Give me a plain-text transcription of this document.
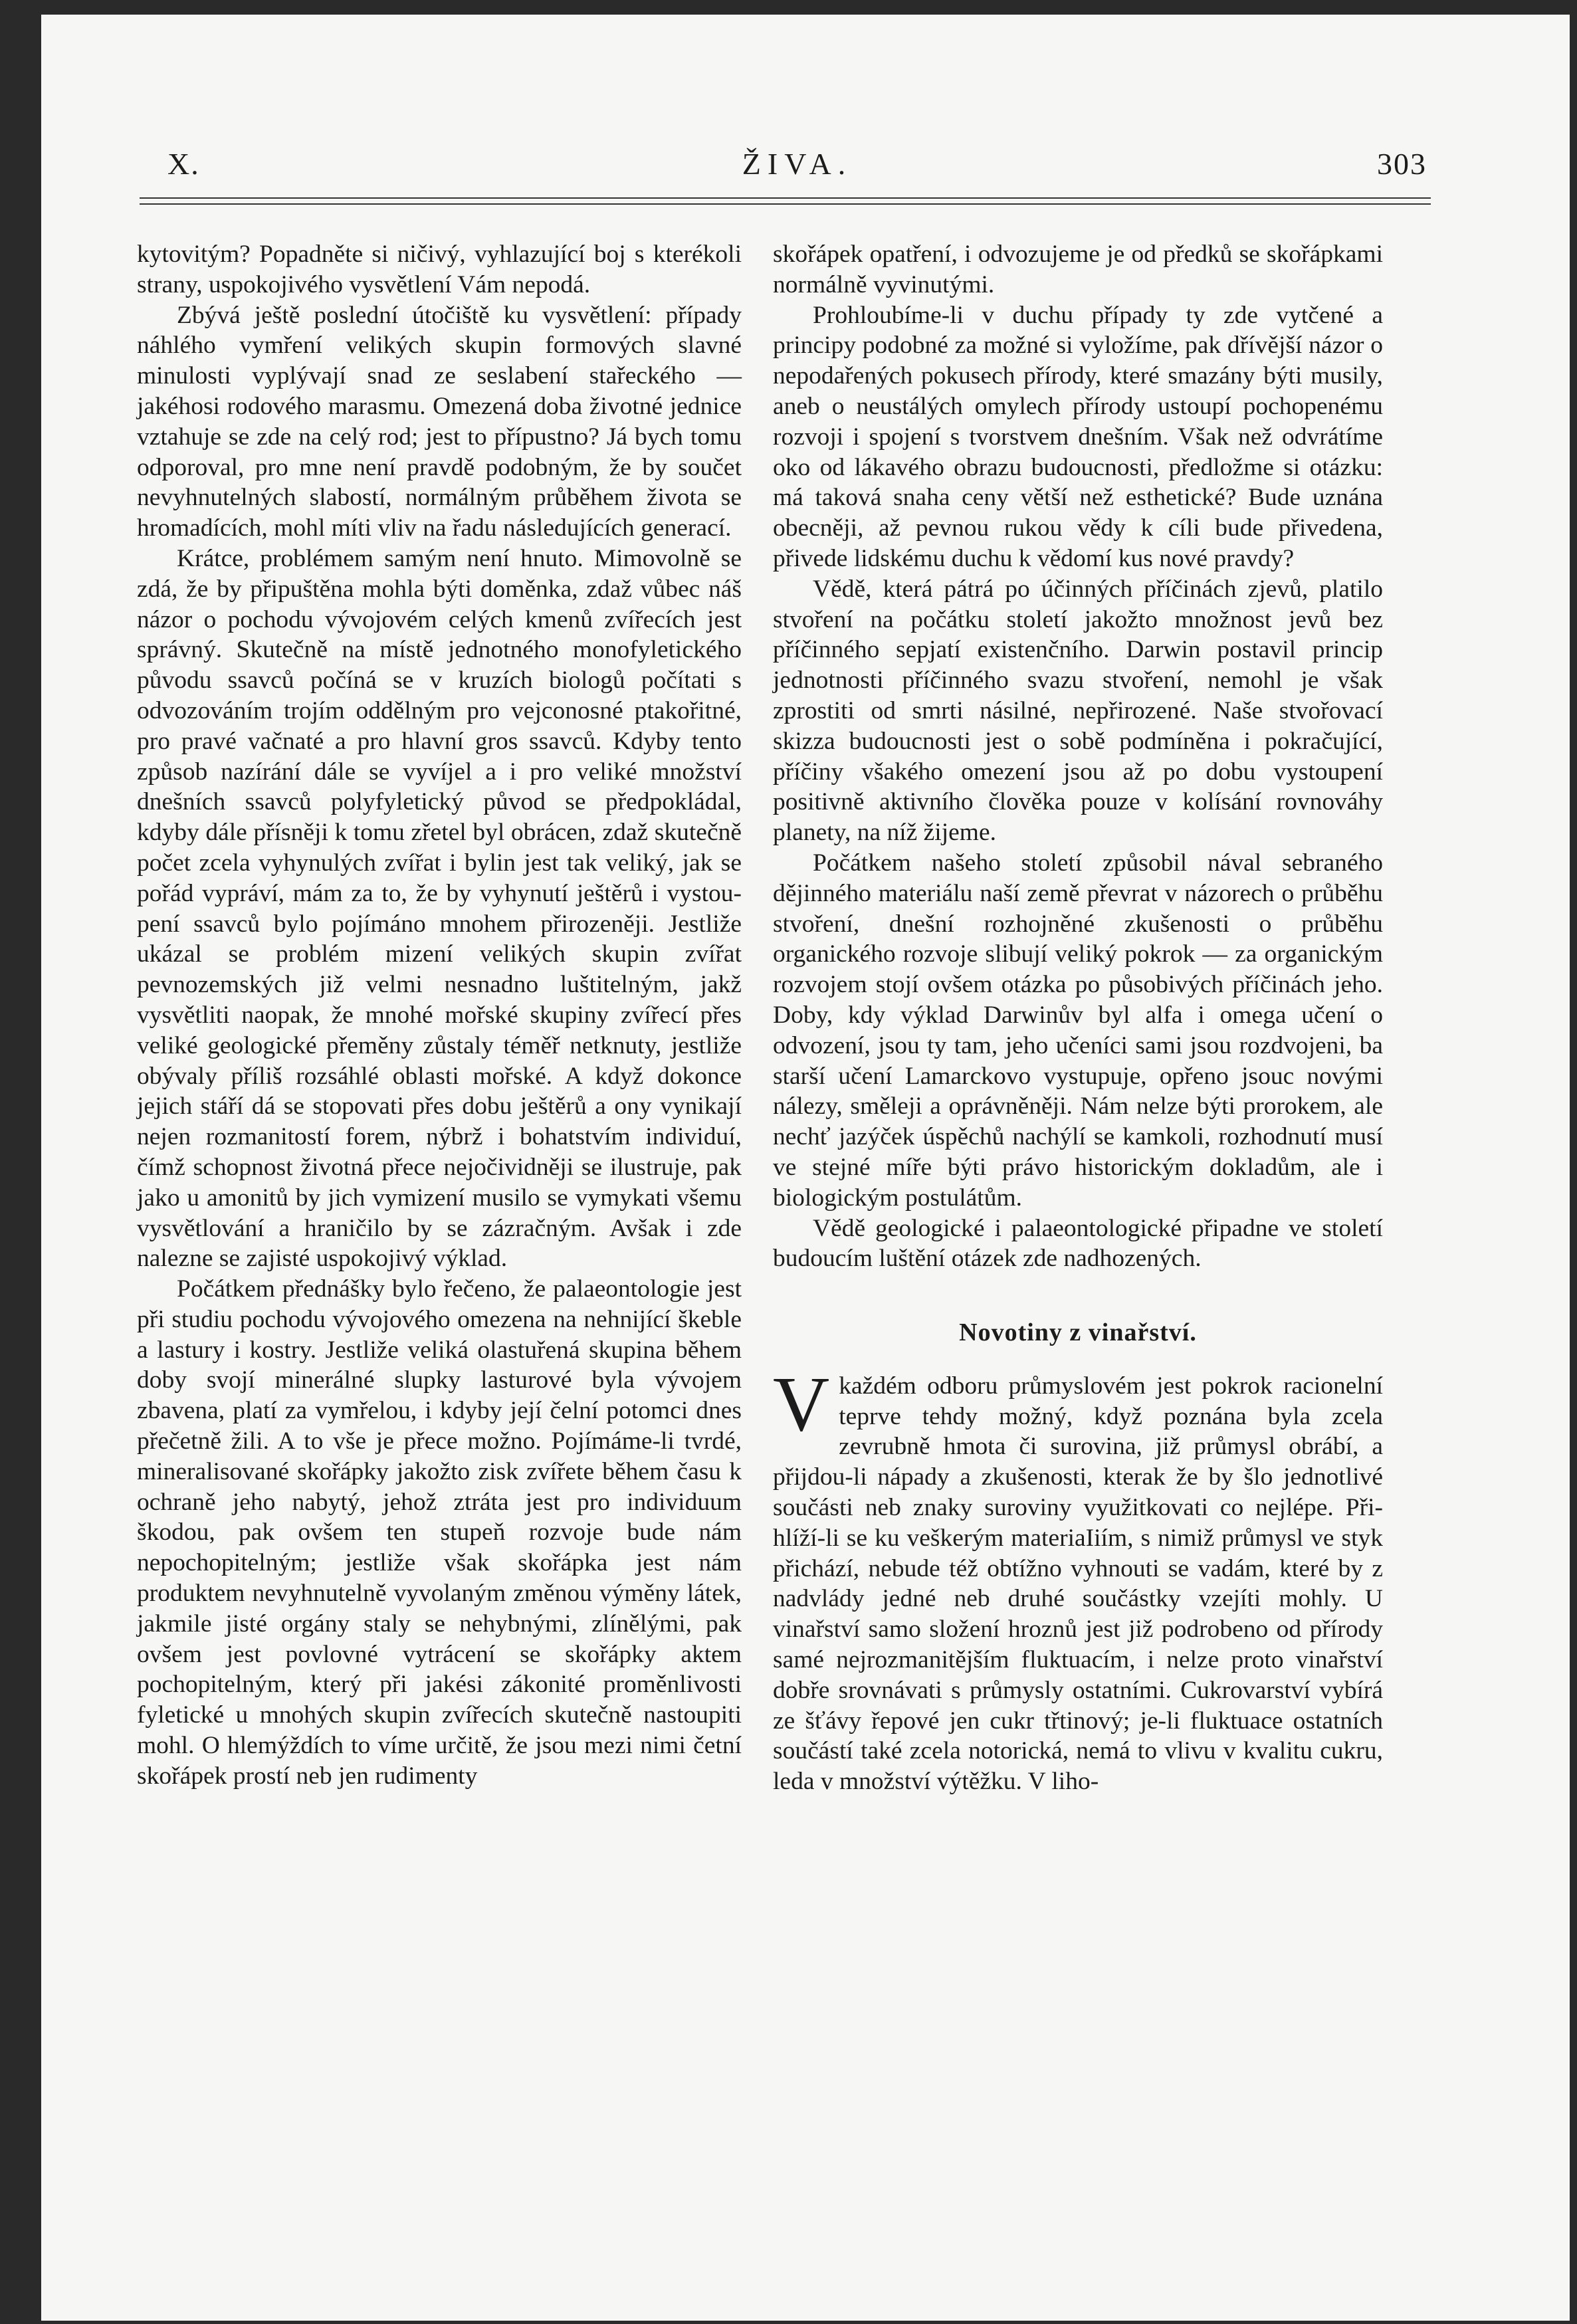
X.	ŽIVA.	303

kytovitým? Popadněte si ničivý, vyhlazující boj s kterékoli strany, uspokojivého vysvětlení Vám nepodá.

Zbývá ještě poslední útočiště ku vysvětlení: případy náhlého vymření velikých skupin formových slavné minulosti vyplývají snad ze seslabení stařeckého — jakéhosi rodového marasmu. Omezená doba životné jednice vztahuje se zde na celý rod; jest to přípustno? Já bych tomu odporoval, pro mne není pravdě podobným, že by součet nevyhnutelných slabostí, normálným průběhem života se hromadících, mohl míti vliv na řadu následujících generací.

Krátce, problémem samým není hnuto. Mimovolně se zdá, že by připuštěna mohla býti doměnka, zdaž vůbec náš názor o pochodu vývojovém celých kmenů zvířecích jest správný. Skutečně na místě jednotného monofyletického původu ssavců počíná se v kruzích biologů počítati s odvozováním trojím oddělným pro vejconosné ptakořitné, pro pravé vačnaté a pro hlavní gros ssavců. Kdyby tento způsob nazírání dále se vyvíjel a i pro veliké množství dnešních ssavců polyfyletický původ se předpokládal, kdyby dále přísněji k tomu zřetel byl obrácen, zdaž skutečně počet zcela vyhynulých zvířat i bylin jest tak veliký, jak se pořád vypráví, mám za to, že by vyhynutí ještěrů i vystoupení ssavců bylo pojímáno mnohem přirozeněji. Jestliže ukázal se problém mizení velikých skupin zvířat pevnozemských již velmi nesnadno luštitelným, jakž vysvětliti naopak, že mnohé mořské skupiny zvířecí přes veliké geologické přeměny zůstaly téměř netknuty, jestliže obývaly příliš rozsáhlé oblasti mořské. A když dokonce jejich stáří dá se stopovati přes dobu ještěrů a ony vynikají nejen rozmanitostí forem, nýbrž i bohatstvím individuí, čímž schopnost životná přece nejočividněji se ilustruje, pak jako u amonitů by jich vymizení musilo se vymykati všemu vysvětlování a hraničilo by se zázračným. Avšak i zde nalezne se zajisté uspokojivý výklad.

Počátkem přednášky bylo řečeno, že palaeontologie jest při studiu pochodu vývojového omezena na nehnijící škeble a lastury i kostry. Jestliže veliká olastuřená skupina během doby svojí minerálné slupky lasturové byla vývojem zbavena, platí za vymřelou, i kdyby její čelní potomci dnes přečetně žili. A to vše je přece možno. Pojímáme-li tvrdé, mineralisované skořápky jakožto zisk zvířete během času k ochraně jeho nabytý, jehož ztráta jest pro individuum škodou, pak ovšem ten stupeň rozvoje bude nám nepochopitelným; jestliže však skořápka jest nám produktem nevyhnutelně vyvolaným změnou výměny látek, jakmile jisté orgány staly se nehybnými, zlínělými, pak ovšem jest povlovné vytrácení se skořápky aktem pochopitelným, který při jakési zákonité proměnlivosti fyletické u mnohých skupin zvířecích skutečně nastoupiti mohl. O hlemýždích to víme určitě, že jsou mezi nimi četní skořápek prostí neb jen rudimenty

skořápek opatření, i odvozujeme je od předků se skořápkami normálně vyvinutými.

Prohloubíme-li v duchu případy ty zde vytčené a principy podobné za možné si vyložíme, pak dřívější názor o nepodařených pokusech přírody, které smazány býti musily, aneb o neustálých omylech přírody ustoupí pochopenému rozvoji i spojení s tvorstvem dnešním. Však než odvrátíme oko od lákavého obrazu budoucnosti, předložme si otázku: má taková snaha ceny větší než esthetické? Bude uznána obecněji, až pevnou rukou vědy k cíli bude přivedena, přivede lidskému duchu k vědomí kus nové pravdy?

Vědě, která pátrá po účinných příčinách zjevů, platilo stvoření na počátku století jakožto množnost jevů bez příčinného sepjatí existenčního. Darwin postavil princip jednotnosti příčinného svazu stvoření, nemohl je však zprostiti od smrti násilné, nepřirozené. Naše stvořovací skizza budoucnosti jest o sobě podmíněna i pokračující, příčiny všakého omezení jsou až po dobu vystoupení positivně aktivního člověka pouze v kolísání rovnováhy planety, na níž žijeme.

Počátkem našeho století způsobil nával sebraného dějinného materiálu naší země převrat v názorech o průběhu stvoření, dnešní rozhojněné zkušenosti o průběhu organického rozvoje slibují veliký pokrok — za organickým rozvojem stojí ovšem otázka po působivých příčinách jeho. Doby, kdy výklad Darwinův byl alfa i omega učení o odvození, jsou ty tam, jeho učeníci sami jsou rozdvojeni, ba starší učení Lamarckovo vystupuje, opřeno jsouc novými nálezy, směleji a oprávněněji. Nám nelze býti prorokem, ale nechť jazýček úspěchů nachýlí se kamkoli, rozhodnutí musí ve stejné míře býti právo historickým dokladům, ale i biologickým postulátům.

Vědě geologické i palaeontologické připadne ve století budoucím luštění otázek zde nadhozených.

Novotiny z vinařství.

Vkaždém odboru průmyslovém jest pokrok racionelní teprve tehdy možný, když poznána byla zcela zevrubně hmota či surovina, již průmysl obrábí, a přijdou-li nápady a zkušenosti, kterak že by šlo jednotlivé součásti neb znaky suroviny využitkovati co nejlépe. Přihlíží-li se ku veškerým materiaIiím, s nimiž průmysl ve styk přichází, nebude též obtížno vyhnouti se vadám, které by z nadvlády jedné neb druhé součástky vzejíti mohly. U vinařství samo složení hroznů jest již podrobeno od přírody samé nejrozmanitějším fluktuacím, i nelze proto vinařství dobře srovnávati s průmysly ostatními. Cukrovarství vybírá ze šťávy řepové jen cukr třtinový; je-li fluktuace ostatních součástí také zcela notorická, nemá to vlivu v kvalitu cukru, leda v množství výtěžku. V liho-
